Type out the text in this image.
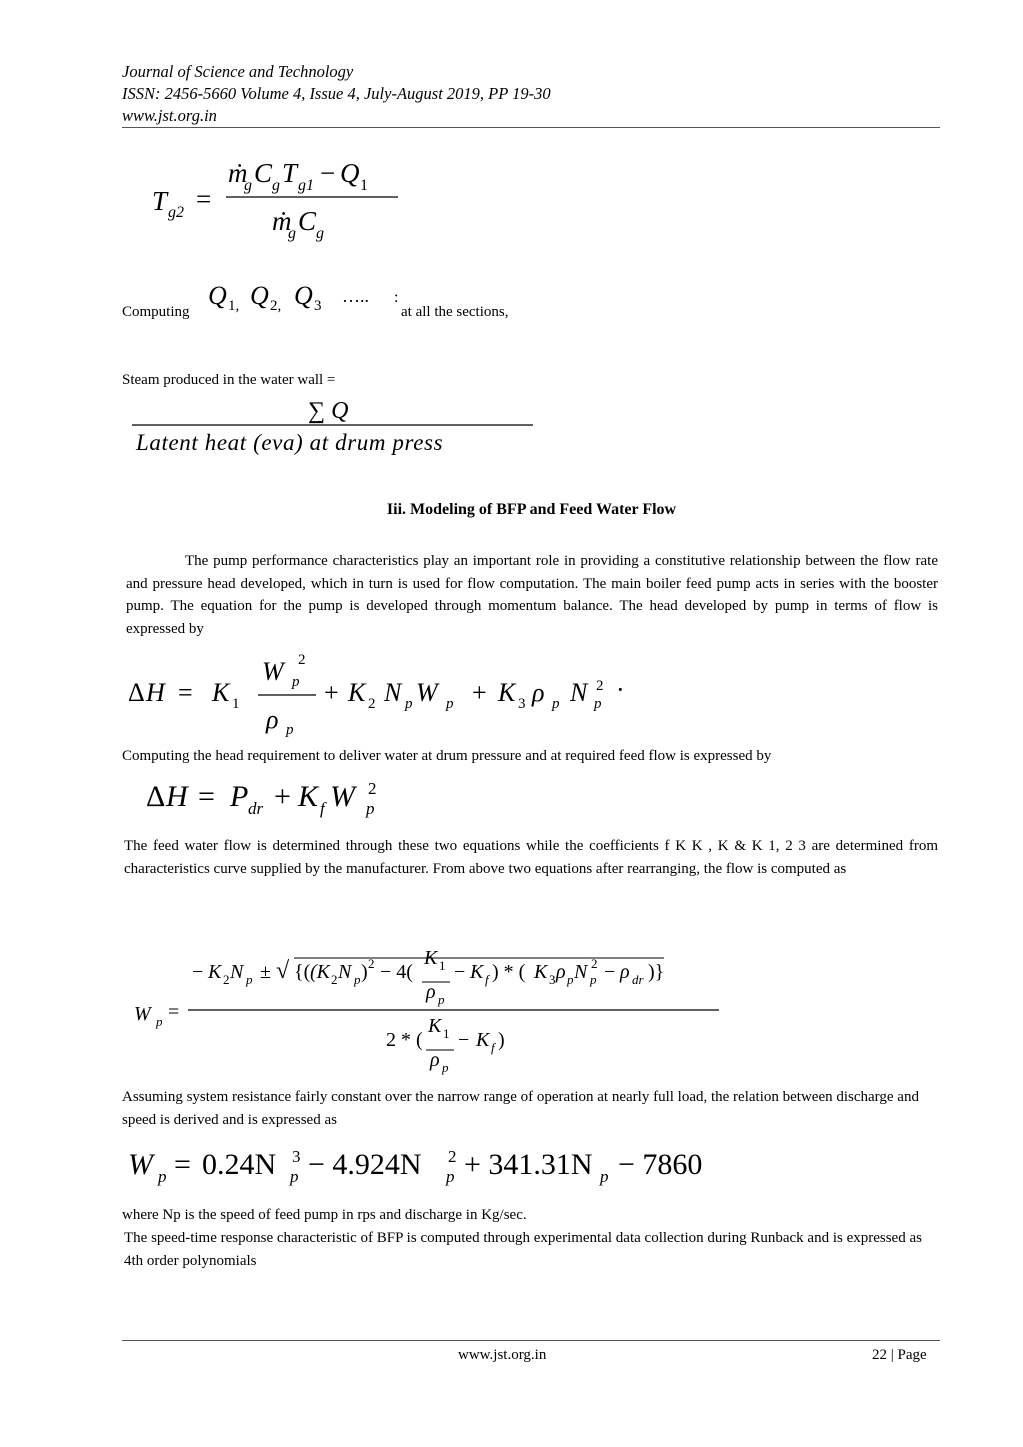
Journal of Science and Technology
ISSN: 2456-5660 Volume 4, Issue 4, July-August 2019, PP 19-30
www.jst.org.in
T g2 =
ṁ
g C g T g1 − Q 1
ṁ
g C g
Computing
Q 1, Q 2, Q 3 ….. :
at all the sections,
Steam produced in the water wall =
∑ Q
Latent heat (eva) at drum press
Iii. Modeling of BFP and Feed Water Flow
The pump performance characteristics play an important role in providing a constitutive relationship between the flow rate and pressure head developed, which in turn is used for flow computation. The main boiler feed pump acts in series with the booster pump. The equation for the pump is developed through momentum balance. The head developed by pump in terms of flow is expressed by
Δ H = K 1
W p
2
ρ p
+ K 2 N p W p + K 3 ρ p N p
2 ·
Computing the head requirement to deliver water at drum pressure and at required feed flow is expressed by
Δ H = P dr + K f W p
2
The feed water flow is determined through these two equations while the coefficients f K K , K & K 1, 2 3 are determined from characteristics curve supplied by the manufacturer. From above two equations after rearranging, the flow is computed as
W p =
− K 2 N p ± √ {( (K 2 N p ) 2 − 4(
K 1
ρ p
− K f ) * ( K 3 ρ p N p
2 − ρ dr )}
2 * (
K 1
ρ p
− K f )
Assuming system resistance fairly constant over the narrow range of operation at nearly full load, the relation between discharge and speed is derived and is expressed as
W p = 0.24N p
3 − 4.924N p
2 + 341.31N p − 7860
where Np is the speed of feed pump in rps and discharge in Kg/sec.
The speed-time response characteristic of BFP is computed through experimental data collection during Runback and is expressed as 4th order polynomials
www.jst.org.in	22 | Page
